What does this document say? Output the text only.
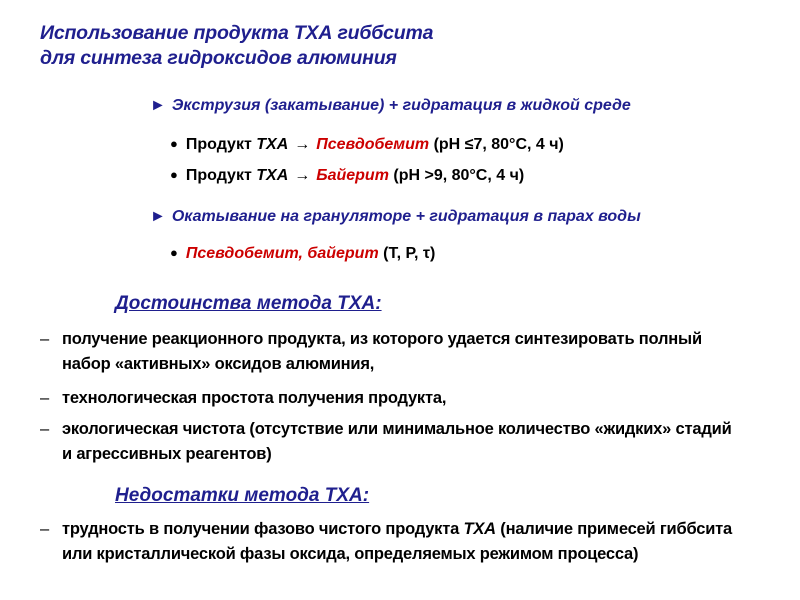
Использование продукта ТХА гиббсита
для синтеза гидроксидов алюминия
► Экструзия (закатывание) + гидратация в жидкой среде
● Продукт ТХА → Псевдобемит (рН ≤7, 80°С, 4 ч)
● Продукт ТХА → Байерит (рН >9, 80°С, 4 ч)
► Окатывание на грануляторе + гидратация в парах воды
● Псевдобемит, байерит (Т, Р, τ)
Достоинства метода ТХА:
– получение реакционного продукта, из которого удается синтезировать полный
набор «активных» оксидов алюминия,
– технологическая простота получения продукта,
– экологическая чистота (отсутствие или минимальное количество «жидких» стадий
и агрессивных реагентов)
Недостатки метода ТХА:
– трудность в получении фазово чистого продукта ТХА (наличие примесей гиббсита
или кристаллической фазы оксида, определяемых режимом процесса)
